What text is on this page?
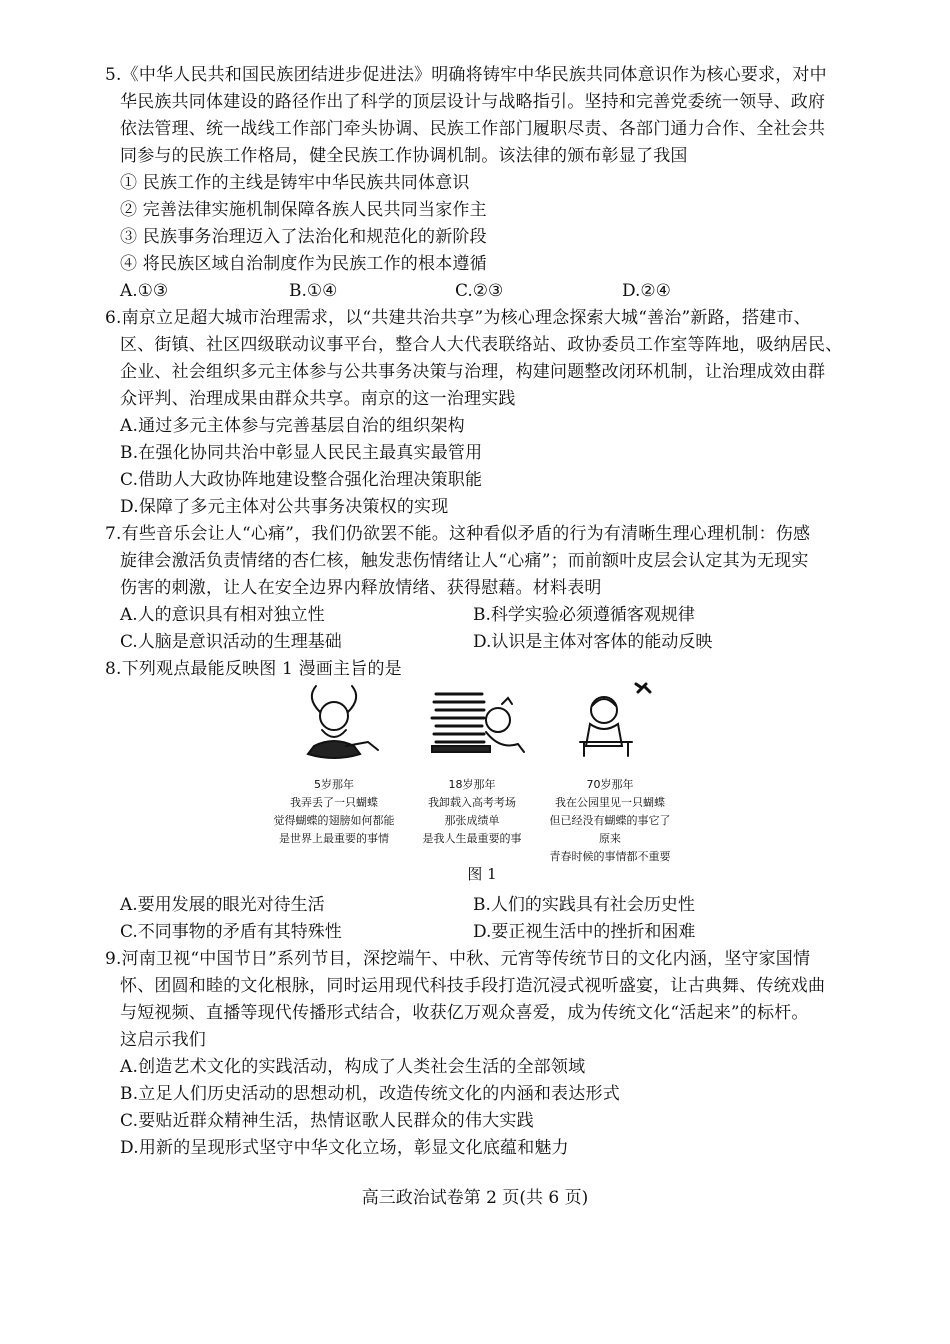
5.《中华人民共和国民族团结进步促进法》明确将铸牢中华民族共同体意识作为核心要求，对中
华民族共同体建设的路径作出了科学的顶层设计与战略指引。坚持和完善党委统一领导、政府
依法管理、统一战线工作部门牵头协调、民族工作部门履职尽责、各部门通力合作、全社会共
同参与的民族工作格局，健全民族工作协调机制。该法律的颁布彰显了我国
① 民族工作的主线是铸牢中华民族共同体意识
② 完善法律实施机制保障各族人民共同当家作主
③ 民族事务治理迈入了法治化和规范化的新阶段
④ 将民族区域自治制度作为民族工作的根本遵循
A.①③	B.①④	C.②③	D.②④
6.南京立足超大城市治理需求，以“共建共治共享”为核心理念探索大城“善治”新路，搭建市、
区、街镇、社区四级联动议事平台，整合人大代表联络站、政协委员工作室等阵地，吸纳居民、
企业、社会组织多元主体参与公共事务决策与治理，构建问题整改闭环机制，让治理成效由群
众评判、治理成果由群众共享。南京的这一治理实践
A.通过多元主体参与完善基层自治的组织架构
B.在强化协同共治中彰显人民民主最真实最管用
C.借助人大政协阵地建设整合强化治理决策职能
D.保障了多元主体对公共事务决策权的实现
7.有些音乐会让人“心痛”，我们仍欲罢不能。这种看似矛盾的行为有清晰生理心理机制：伤感
旋律会激活负责情绪的杏仁核，触发悲伤情绪让人“心痛”；而前额叶皮层会认定其为无现实
伤害的刺激，让人在安全边界内释放情绪、获得慰藉。材料表明
A.人的意识具有相对独立性	B.科学实验必须遵循客观规律
C.人脑是意识活动的生理基础	D.认识是主体对客体的能动反映
8.下列观点最能反映图 1 漫画主旨的是
5岁那年
我弄丢了一只蝴蝶
觉得蝴蝶的翅膀如何都能
是世界上最重要的事情
18岁那年
我卸载入高考考场
那张成绩单
是我人生最重要的事
70岁那年
我在公园里见一只蝴蝶
但已经没有蝴蝶的事它了
原来
青春时候的事情都不重要
图 1
A.要用发展的眼光对待生活	B.人们的实践具有社会历史性
C.不同事物的矛盾有其特殊性	D.要正视生活中的挫折和困难
9.河南卫视“中国节日”系列节目，深挖端午、中秋、元宵等传统节日的文化内涵，坚守家国情
怀、团圆和睦的文化根脉，同时运用现代科技手段打造沉浸式视听盛宴，让古典舞、传统戏曲
与短视频、直播等现代传播形式结合，收获亿万观众喜爱，成为传统文化“活起来”的标杆。
这启示我们
A.创造艺术文化的实践活动，构成了人类社会生活的全部领域
B.立足人们历史活动的思想动机，改造传统文化的内涵和表达形式
C.要贴近群众精神生活，热情讴歌人民群众的伟大实践
D.用新的呈现形式坚守中华文化立场，彰显文化底蕴和魅力
高三政治试卷第 2 页(共 6 页)
